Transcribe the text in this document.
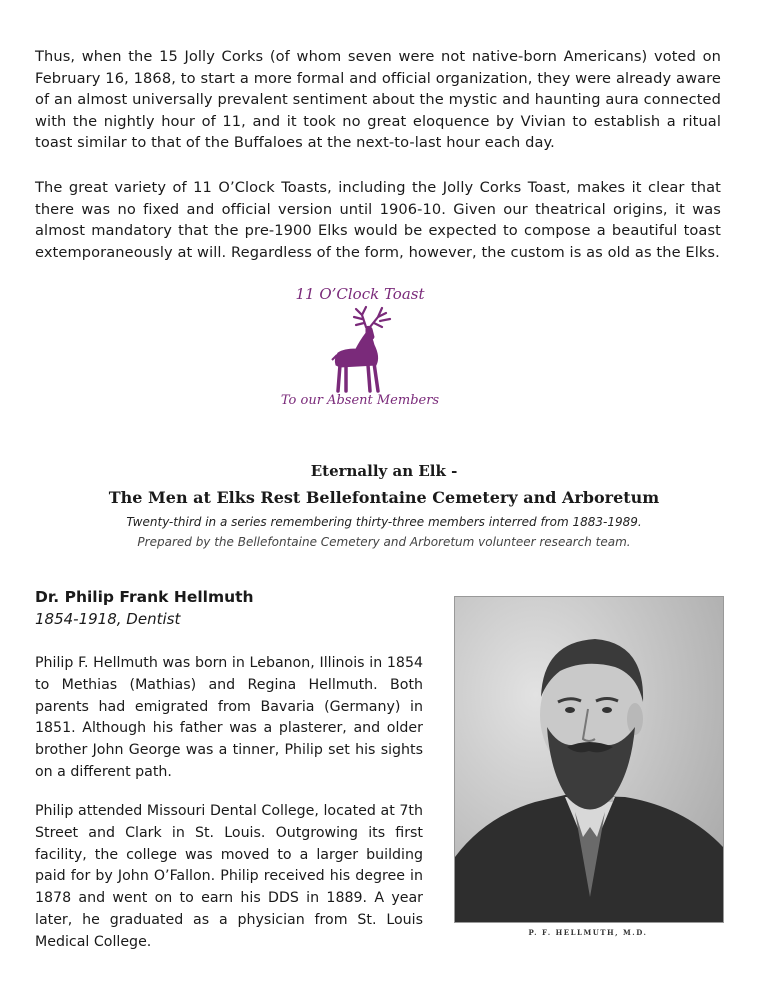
Thus, when the 15 Jolly Corks (of whom seven were not native-born Americans) voted on February 16, 1868, to start a more formal and official organization, they were already aware of an almost universally prevalent sentiment about the mystic and haunting aura connected with the nightly hour of 11, and it took no great eloquence by Vivian to establish a ritual toast similar to that of the Buffaloes at the next-to-last hour each day.

The great variety of 11 O’Clock Toasts, including the Jolly Corks Toast, makes it clear that there was no fixed and official version until 1906-10. Given our theatrical origins, it was almost mandatory that the pre-1900 Elks would be expected to compose a beautiful toast extemporaneously at will. Regardless of the form, however, the custom is as old as the Elks.

11 O’Clock Toast
To our Absent Members
Eternally an Elk -
The Men at Elks Rest Bellefontaine Cemetery and Arboretum
Twenty-third in a series remembering thirty-three members interred from 1883-1989.
Prepared by the Bellefontaine Cemetery and Arboretum volunteer research team.
Dr. Philip Frank Hellmuth
1854-1918, Dentist

Philip F. Hellmuth was born in Lebanon, Illinois in 1854 to Methias (Mathias) and Regina Hellmuth. Both parents had emigrated from Bavaria (Germany) in 1851. Although his father was a plasterer, and older brother John George was a tinner, Philip set his sights on a different path.

Philip attended Missouri Dental College, located at 7th Street and Clark in St. Louis. Outgrowing its first facility, the college was moved to a larger building paid for by John O’Fallon. Philip received his degree in 1878 and went on to earn his DDS in 1889. A year later, he graduated as a physician from St. Louis Medical College.

P. F. HELLMUTH, M.D.
